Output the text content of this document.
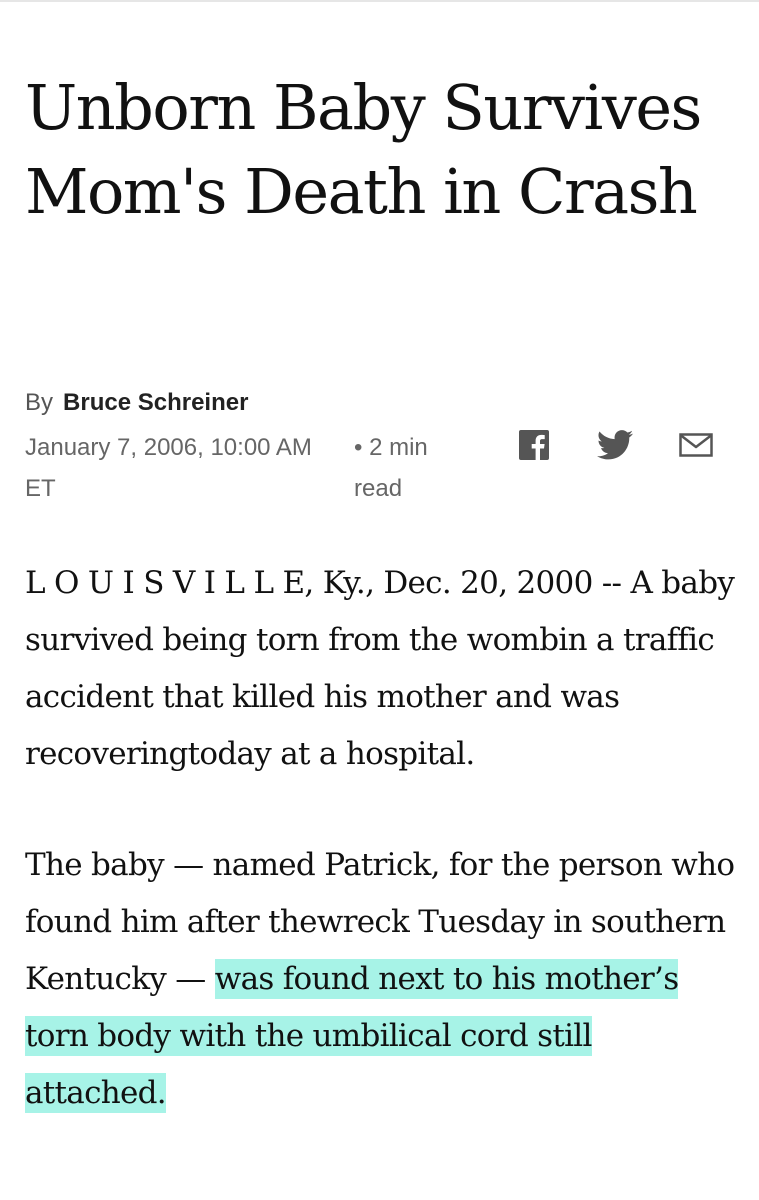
Unborn Baby Survives Mom's Death in Crash
By Bruce Schreiner
January 7, 2006, 10:00 AM ET
• 2 min read

L O U I S V I L L E, Ky., Dec. 20, 2000 -- A baby survived being torn from the wombin a traffic accident that killed his mother and was recoveringtoday at a hospital.

The baby — named Patrick, for the person who found him after thewreck Tuesday in southern Kentucky — was found next to his mother’s torn body with the umbilical cord still attached.
